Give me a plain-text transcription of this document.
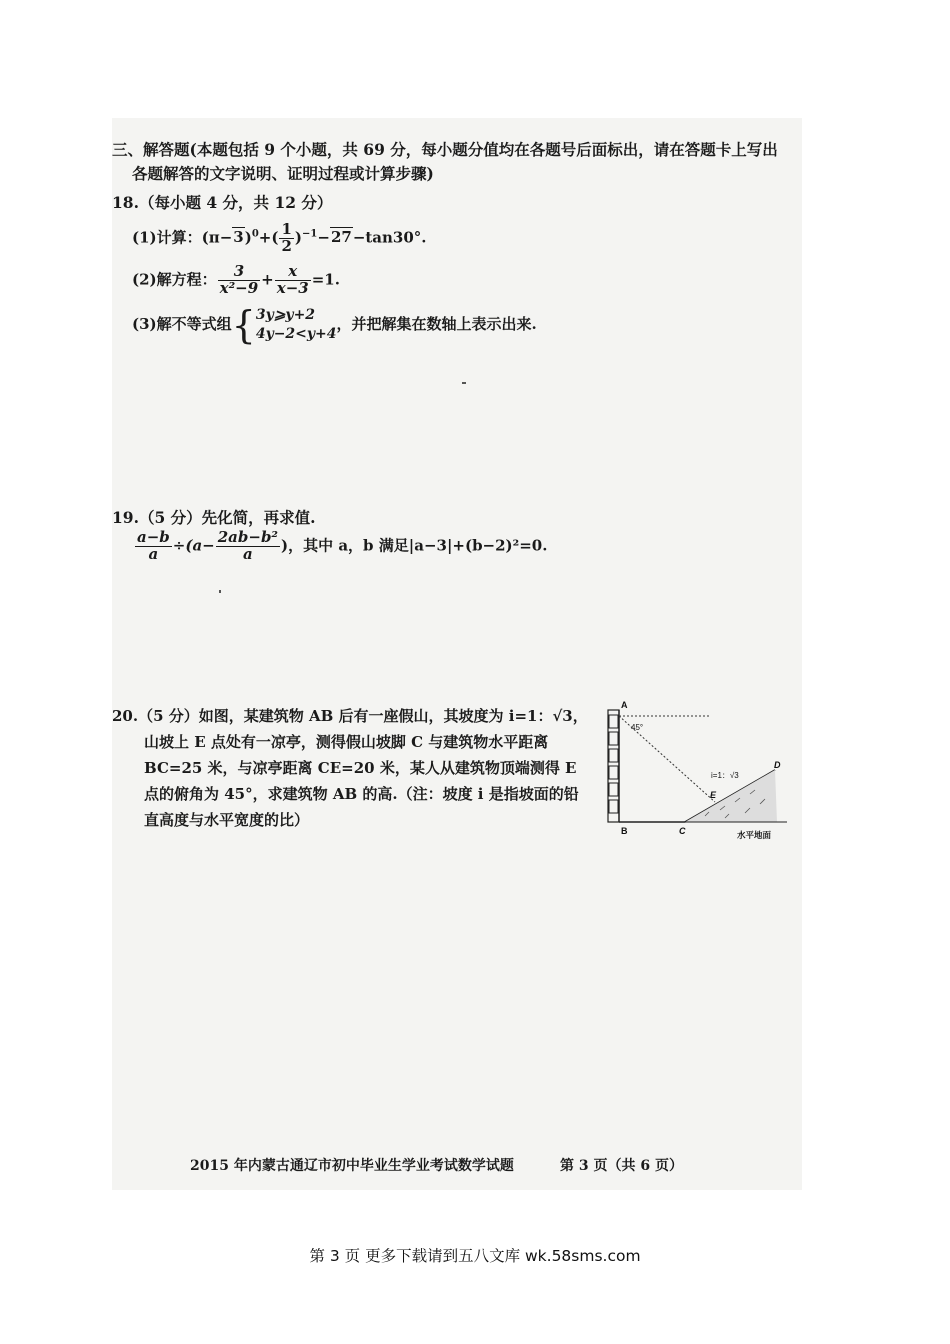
三、解答题(本题包括 9 个小题，共 69 分，每小题分值均在各题号后面标出，请在答题卡上写出
各题解答的文字说明、证明过程或计算步骤)
18.（每小题 4 分，共 12 分）
(1)计算：$(\pi-3)^0+( \frac{1}{2} )^{-1}-27-\tan 30^\circ$.
(2)解方程： $\frac{3}{\text{x²−9}} + \frac{x}{x-3} =1$.
(3)解不等式组{ 3y⩾y+2
4y−2<y+4
，并把解集在数轴上表示出来.
19.（5 分）先化简，再求值.
$\frac{a-b}{a} \div(a- \frac{\text{2ab−b²}}{a}$ )，其中 a，b 满足|a−3|+(b−2)²=0.
20.（5 分）如图，某建筑物 AB 后有一座假山，其坡度为 i=1：√3，
山坡上 E 点处有一凉亭，测得假山坡脚 C 与建筑物水平距离
BC=25 米，与凉亭距离 CE=20 米，某人从建筑物顶端测得 E
点的俯角为 45°，求建筑物 AB 的高.（注：坡度 i 是指坡面的铅
直高度与水平宽度的比）
A
B	C
D
E
45°
i=1：√3
水平地面
2015 年内蒙古通辽市初中毕业生学业考试数学试题	第 3 页（共 6 页）
第 3 页 更多下载请到五八文库 wk.58sms.com
